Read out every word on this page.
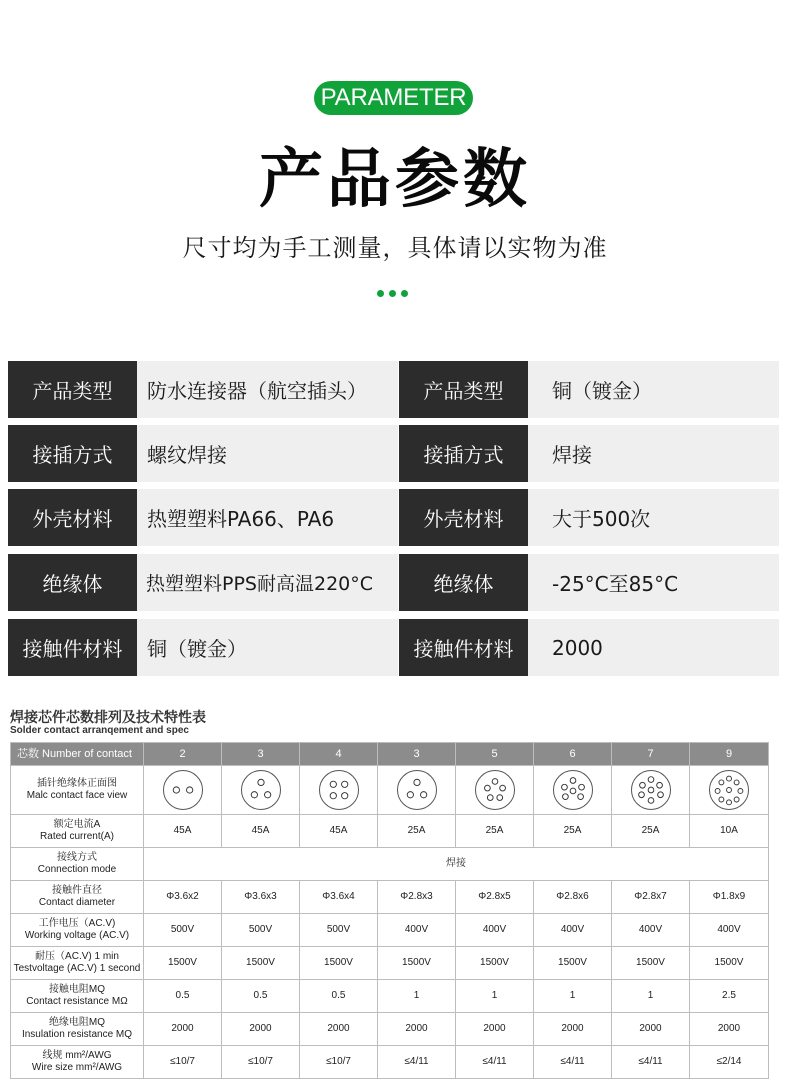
PARAMETER
产品参数
尺寸均为手工测量，具体请以实物为准
产品类型	防水连接器（航空插头）	产品类型	铜（镀金）
接插方式	螺纹焊接	接插方式	焊接
外壳材料	热塑塑料PA66、PA6	外壳材料	大于500次
绝缘体	热塑塑料PPS耐高温220°C	绝缘体	-25°C至85°C
接触件材料	铜（镀金）	接触件材料	2000
焊接芯件芯数排列及技术特性表
Solder contact arranqement and spec
芯数 Number of contact	2	3	4	3	5	6	7	9

插针绝缘体正面图
Malc contact face view

额定电流A
Rated current(A)	45A	45A	45A	25A	25A	25A	25A	10A

接线方式
Connection mode	焊接							

接触件直径
Contact diameter	Φ3.6x2	Φ3.6x3	Φ3.6x4	Φ2.8x3	Φ2.8x5	Φ2.8x6	Φ2.8x7	Φ1.8x9

工作电压（AC.V)
Working voltage (AC.V)	500V	500V	500V	400V	400V	400V	400V	400V

耐压（AC.V) 1 min
Testvoltage (AC.V) 1 second	1500V	1500V	1500V	1500V	1500V	1500V	1500V	1500V

接触电阻MQ
Contact resistance MΩ	0.5	0.5	0.5	1	1	1	1	2.5

绝缘电阻MQ
Insulation resistance MQ	2000	2000	2000	2000	2000	2000	2000	2000

线规 mm²/AWG
Wire size mm²/AWG	≤10/7	≤10/7	≤10/7	≤4/11	≤4/11	≤4/11	≤4/11	≤2/14
